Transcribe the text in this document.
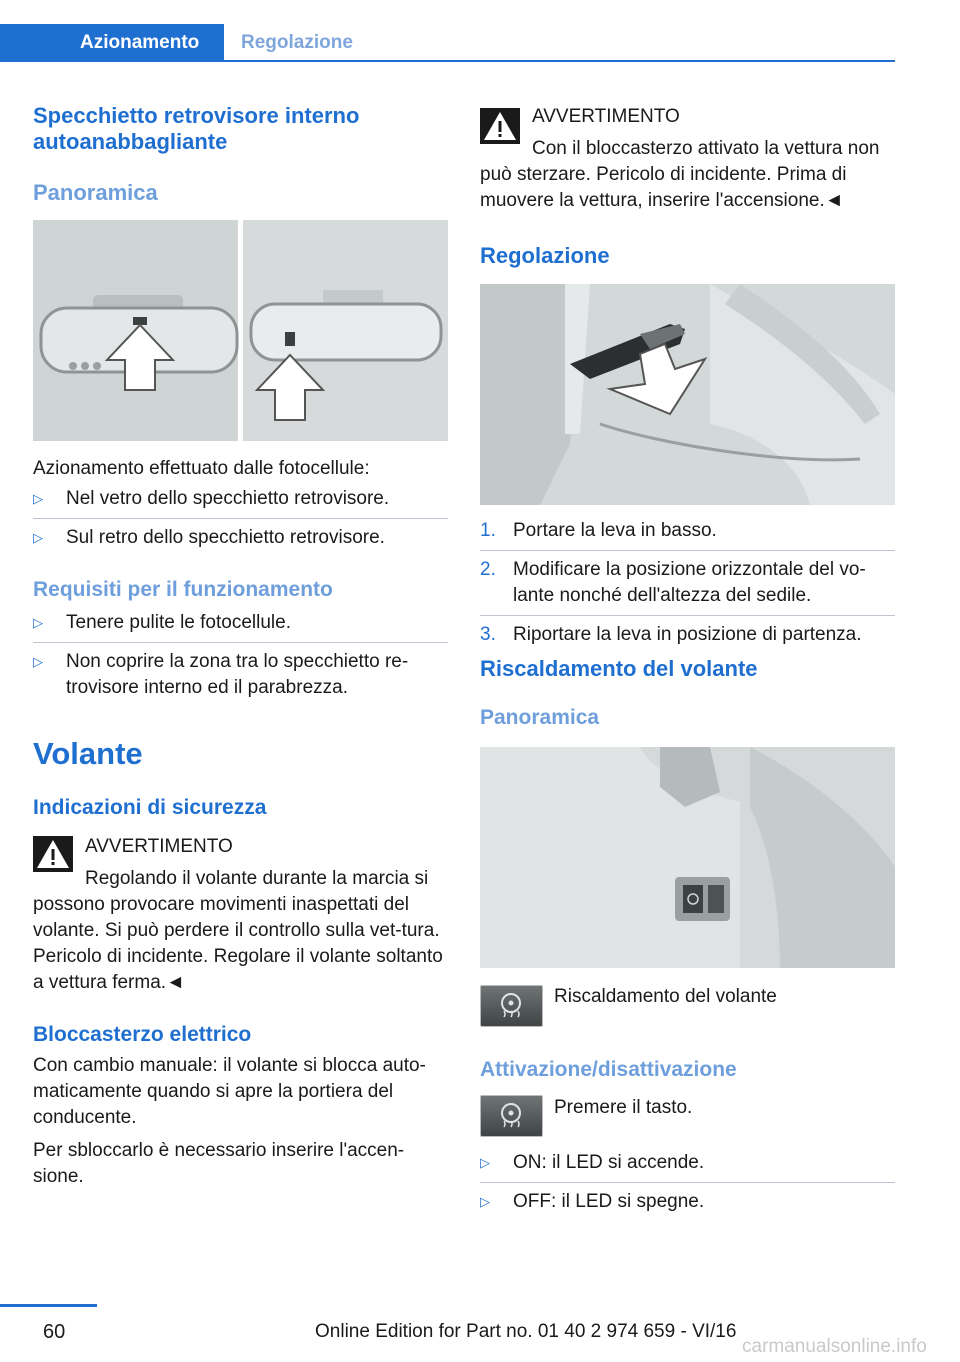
Azionamento	Regolazione
Specchietto retrovisore interno autoanabbagliante
Panoramica
Azionamento effettuato dalle fotocellule:
▷ Nel vetro dello specchietto retrovisore.
▷ Sul retro dello specchietto retrovisore.
Requisiti per il funzionamento
▷ Tenere pulite le fotocellule.
▷ Non coprire la zona tra lo specchietto re-trovisore interno ed il parabrezza.
Volante
Indicazioni di sicurezza
AVVERTIMENTO
Regolando il volante durante la marcia si
possono provocare movimenti inaspettati del volante. Si può perdere il controllo sulla vet-tura. Pericolo di incidente. Regolare il volante soltanto a vettura ferma.◄
Bloccasterzo elettrico
Con cambio manuale: il volante si blocca auto-maticamente quando si apre la portiera del conducente.
Per sbloccarlo è necessario inserire l'accen-sione.
AVVERTIMENTO
Con il bloccasterzo attivato la vettura non
può sterzare. Pericolo di incidente. Prima di muovere la vettura, inserire l'accensione.◄
Regolazione
1. Portare la leva in basso.
2. Modificare la posizione orizzontale del vo-lante nonché dell'altezza del sedile.
3. Riportare la leva in posizione di partenza.
Riscaldamento del volante
Panoramica
Riscaldamento del volante
Attivazione/disattivazione
Premere il tasto.
▷ ON: il LED si accende.
▷ OFF: il LED si spegne.
60	Online Edition for Part no. 01 40 2 974 659 - VI/16
carmanualsonline.info
